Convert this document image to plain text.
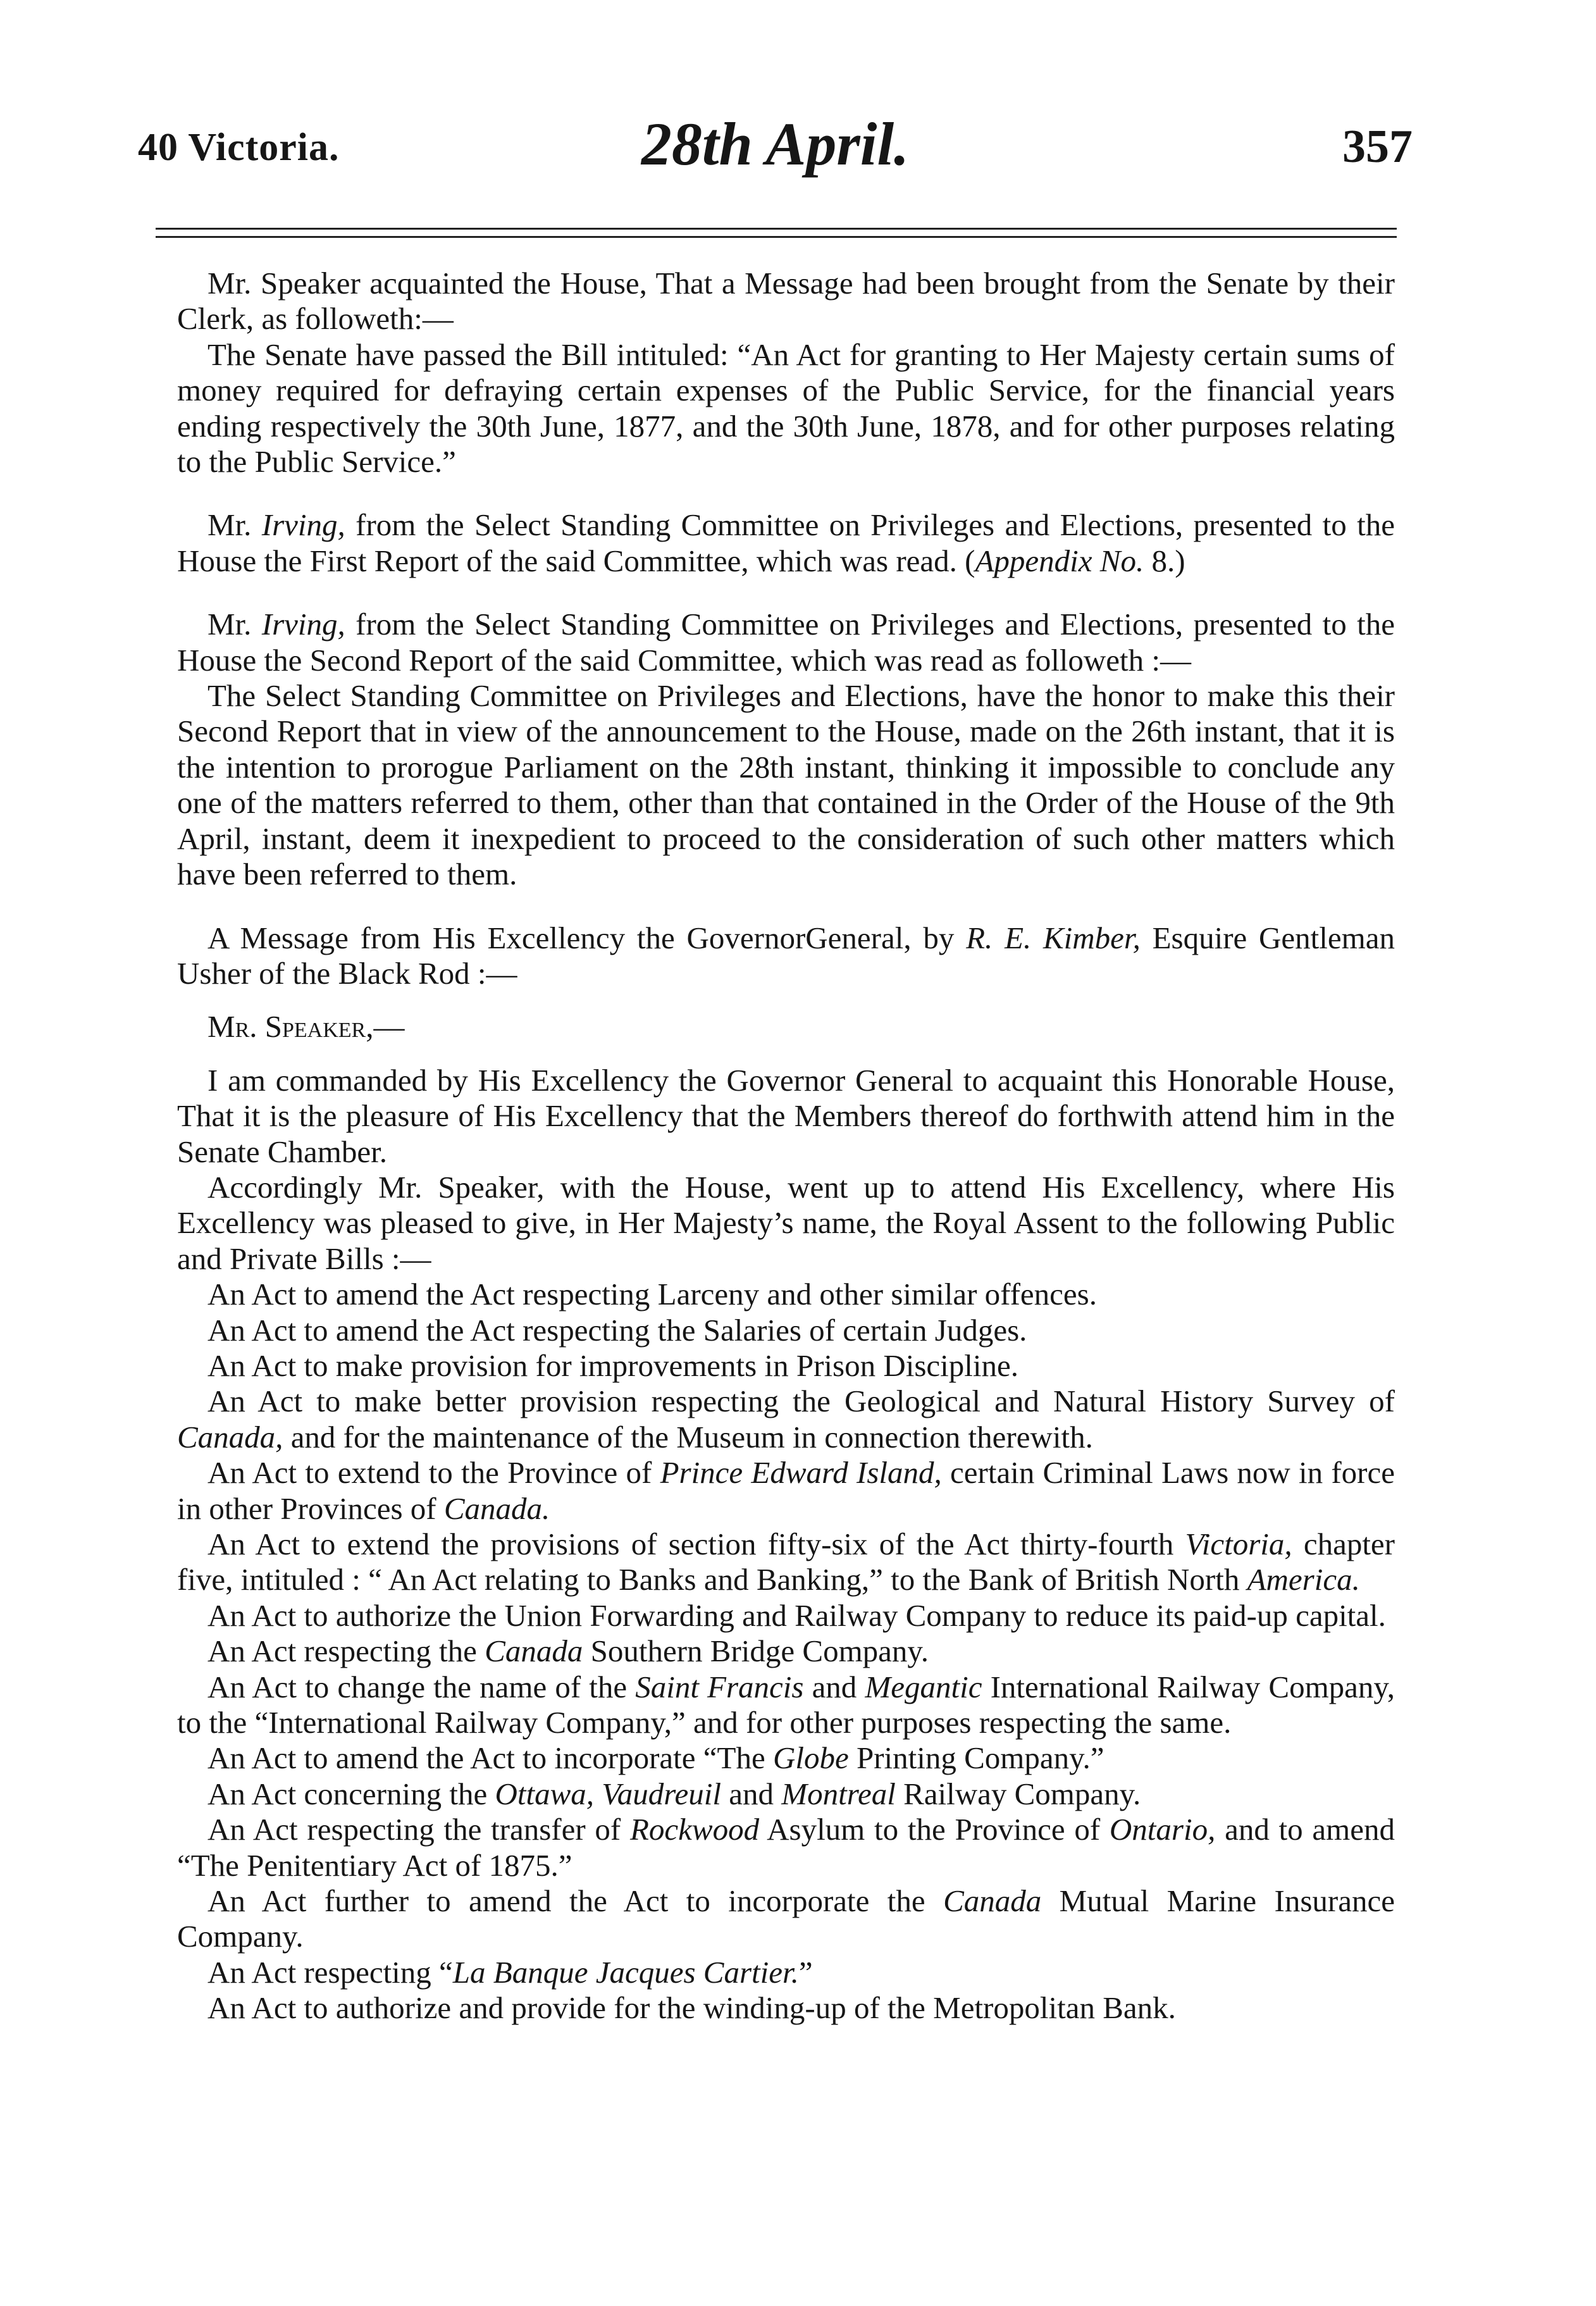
40 Victoria.	28th April.	357

Mr. Speaker acquainted the House, That a Message had been brought from the Senate by their Clerk, as followeth:—

The Senate have passed the Bill intituled: “An Act for granting to Her Majesty certain sums of money required for defraying certain expenses of the Public Service, for the financial years ending respectively the 30th June, 1877, and the 30th June, 1878, and for other purposes relating to the Public Service.”

Mr. Irving, from the Select Standing Committee on Privileges and Elections, presented to the House the First Report of the said Committee, which was read. (Appendix No. 8.)

Mr. Irving, from the Select Standing Committee on Privileges and Elections, presented to the House the Second Report of the said Committee, which was read as followeth :—

The Select Standing Committee on Privileges and Elections, have the honor to make this their Second Report that in view of the announcement to the House, made on the 26th instant, that it is the intention to prorogue Parliament on the 28th instant, thinking it impossible to conclude any one of the matters referred to them, other than that contained in the Order of the House of the 9th April, instant, deem it inexpedient to proceed to the consideration of such other matters which have been referred to them.

A Message from His Excellency the GovernorGeneral, by R. E. Kimber, Esquire Gentleman Usher of the Black Rod :—

Mr. Speaker,—

I am commanded by His Excellency the Governor General to acquaint this Honorable House, That it is the pleasure of His Excellency that the Members thereof do forthwith attend him in the Senate Chamber.

Accordingly Mr. Speaker, with the House, went up to attend His Excellency, where His Excellency was pleased to give, in Her Majesty’s name, the Royal Assent to the following Public and Private Bills :—

An Act to amend the Act respecting Larceny and other similar offences.

An Act to amend the Act respecting the Salaries of certain Judges.

An Act to make provision for improvements in Prison Discipline.

An Act to make better provision respecting the Geological and Natural History Survey of Canada, and for the maintenance of the Museum in connection therewith.

An Act to extend to the Province of Prince Edward Island, certain Criminal Laws now in force in other Provinces of Canada.

An Act to extend the provisions of section fifty-six of the Act thirty-fourth Victoria, chapter five, intituled : “ An Act relating to Banks and Banking,” to the Bank of British North America.

An Act to authorize the Union Forwarding and Railway Company to reduce its paid-up capital.

An Act respecting the Canada Southern Bridge Company.

An Act to change the name of the Saint Francis and Megantic International Railway Company, to the “International Railway Company,” and for other purposes respecting the same.

An Act to amend the Act to incorporate “The Globe Printing Company.”

An Act concerning the Ottawa, Vaudreuil and Montreal Railway Company.

An Act respecting the transfer of Rockwood Asylum to the Province of Ontario, and to amend “The Penitentiary Act of 1875.”

An Act further to amend the Act to incorporate the Canada Mutual Marine Insurance Company.

An Act respecting “La Banque Jacques Cartier.”

An Act to authorize and provide for the winding-up of the Metropolitan Bank.
